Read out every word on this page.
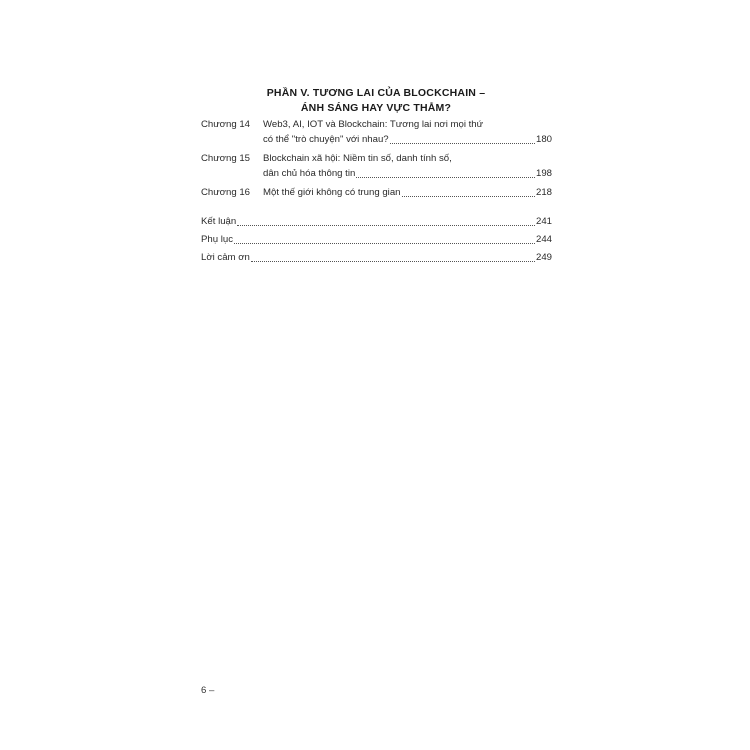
PHẦN V. TƯƠNG LAI CỦA BLOCKCHAIN –
ÁNH SÁNG HAY VỰC THẲM?
Chương 14 Web3, AI, IOT và Blockchain: Tương lai nơi mọi thứ
có thể "trò chuyện" với nhau?	180
Chương 15 Blockchain xã hội: Niềm tin số, danh tính số,
dân chủ hóa thông tin	198
Chương 16 Một thế giới không có trung gian	218
Kết luận	241
Phụ lục	244
Lời cảm ơn	249
6 –
